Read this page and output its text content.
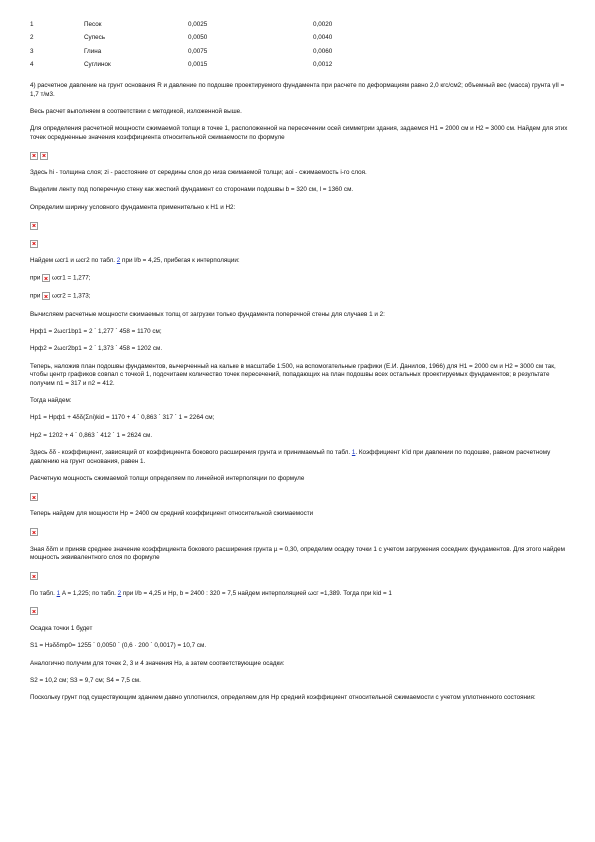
1	Песок	0,0025	0,0020
2	Супесь	0,0050	0,0040
3	Глина	0,0075	0,0060
4	Суглинок	0,0015	0,0012

4) расчетное давление на грунт основания R и давление по подошве проектируемого фундамента при расчете по деформациям равно 2,0 кгс/см2; объемный вес (масса) грунта γII = 1,7 т/м3.

Весь расчет выполняем в соответствии с методикой, изложенной выше.

Для определения расчетной мощности сжимаемой толщи в точке 1, расположенной на пересечении осей симметрии здания, задаемся H1 = 2000 см и H2 = 3000 см. Найдем для этих точек осредненные значения коэффициента относительной сжимаемости по формуле

Здесь hi - толщина слоя; zi - расстояние от середины слоя до низа сжимаемой толщи; aoi - сжимаемость i-го слоя.

Выделим ленту под поперечную стену как жесткий фундамент со сторонами подошвы b = 320 см, l = 1360 см.

Определим ширину условного фундамента применительно к H1 и H2:

Найдем ωсг1 и ωсг2 по табл. 2 при l/b = 4,25, прибегая к интерполяции:

при ωсг1 = 1,277;

при ωсг2 = 1,373;

Вычисляем расчетные мощности сжимаемых толщ от загрузки только фундамента поперечной стены для случаев 1 и 2:

Hрф1 = 2ωсг1bp1 = 2 ´ 1,277 ´ 458 = 1170 см;

Hрф2 = 2ωсг2bp1 = 2 ´ 1,373 ´ 458 = 1202 см.

Теперь, наложив план подошвы фундаментов, вычерченный на кальке в масштабе 1:500, на вспомогательные графики (Е.И. Данилов, 1966) для H1 = 2000 см и H2 = 3000 см так, чтобы центр графиков совпал с точкой 1, подсчитаем количество точек пересечений, попадающих на план подошвы всех остальных проектируемых фундаментов; в результате получим n1 = 317 и n2 = 412.

Тогда найдем:

Hр1 = Hрф1 + 4δδ(Σni)kid = 1170 + 4 ´ 0,863 ´ 317 ´ 1 = 2264 см;

Hр2 = 1202 + 4 ´ 0,863 ´ 412 ´ 1 = 2624 см.

Здесь δδ - коэффициент, зависящий от коэффициента бокового расширения грунта и принимаемый по табл. 1. Коэффициент k'id при давлении по подошве, равном расчетному давлению на грунт основания, равен 1.

Расчетную мощность сжимаемой толщи определяем по линейной интерполяции по формуле

Теперь найдем для мощности Hр = 2400 см средний коэффициент относительной сжимаемости

Зная δδm и приняв среднее значение коэффициента бокового расширения грунта µ = 0,30, определим осадку точки 1 с учетом загружения соседних фундаментов. Для этого найдем мощность эквивалентного слоя по формуле

По табл. 1 A = 1,225; по табл. 2 при l/b = 4,25 и Hр, b = 2400 : 320 = 7,5 найдем интерполяцией ωсг =1,389. Тогда при kid = 1

Осадка точки 1 будет

S1 = Hэδδmp0= 1255 ´ 0,0050 ´ (0,6 · 200 ´ 0,0017) = 10,7 см.

Аналогично получим для точек 2, 3 и 4 значения Hэ, а затем соответствующие осадки:

S2 = 10,2 см; S3 = 9,7 см; S4 = 7,5 см.

Поскольку грунт под существующим зданием давно уплотнился, определяем для Hр средний коэффициент относительной сжимаемости с учетом уплотненного состояния:
